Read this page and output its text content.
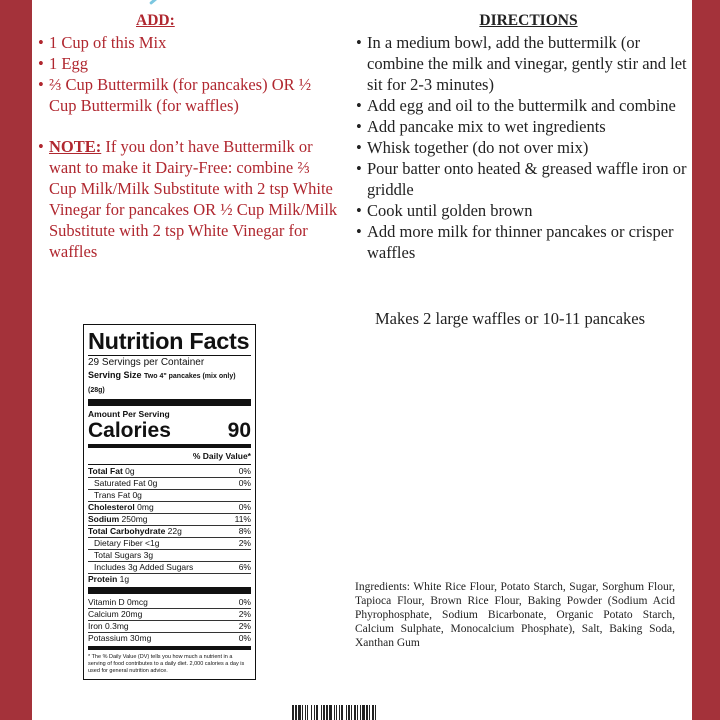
ADD:
• 1 Cup of this Mix
• 1 Egg
• ⅔ Cup Buttermilk (for pancakes) OR ½ Cup Buttermilk (for waffles)
• NOTE: If you don’t have Buttermilk or want to make it Dairy-Free: combine ⅔ Cup Milk/Milk Substitute with 2 tsp White Vinegar for pancakes OR ½ Cup Milk/Milk Substitute with 2 tsp White Vinegar for waffles
DIRECTIONS
• In a medium bowl, add the buttermilk (or combine the milk and vinegar, gently stir and let sit for 2-3 minutes)
• Add egg and oil to the buttermilk and combine
• Add pancake mix to wet ingredients
• Whisk together (do not over mix)
• Pour batter onto heated & greased waffle iron or griddle
• Cook until golden brown
• Add more milk for thinner pancakes or crisper waffles
Makes 2 large waffles or 10-11 pancakes
Nutrition Facts
29 Servings per Container
Serving Size Two 4" pancakes (mix only) (28g)
Amount Per Serving
Calories	90
% Daily Value*
Total Fat 0g	0%
Saturated Fat 0g	0%
Trans Fat 0g
Cholesterol 0mg	0%
Sodium 250mg	11%
Total Carbohydrate 22g	8%
Dietary Fiber <1g	2%
Total Sugars 3g
Includes 3g Added Sugars	6%
Protein 1g
Vitamin D 0mcg	0%
Calcium 20mg	2%
Iron 0.3mg	2%
Potassium 30mg	0%
* The % Daily Value (DV) tells you how much a nutrient in a serving of food contributes to a daily diet. 2,000 calories a day is used for general nutrition advice.
Ingredients: White Rice Flour, Potato Starch, Sugar, Sorghum Flour, Tapioca Flour, Brown Rice Flour, Baking Powder (Sodium Acid Phyrophosphate, Sodium Bicarbonate, Organic Potato Starch, Calcium Sulphate, Monocalcium Phosphate), Salt, Baking Soda, Xanthan Gum
